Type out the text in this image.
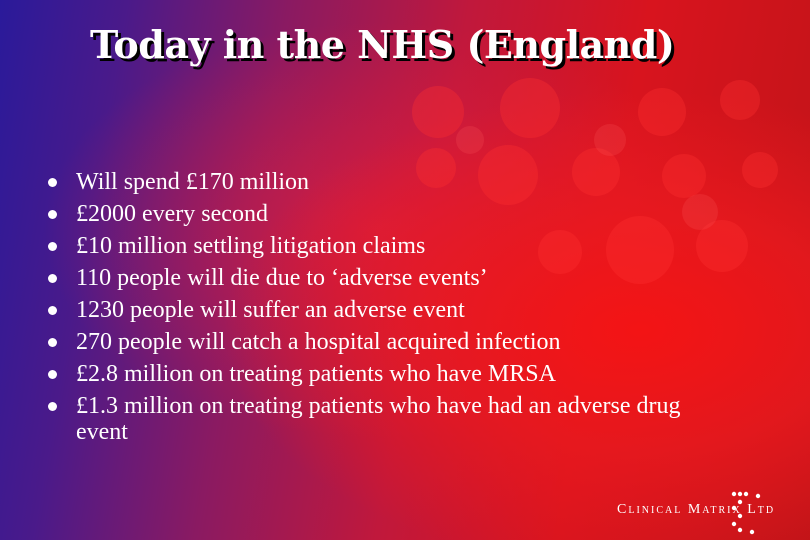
Today in the NHS (England)
Will spend £170 million
£2000 every second
£10 million settling litigation claims
110 people will die due to ‘adverse events’
1230 people will suffer an adverse event
270 people will catch a hospital acquired infection
£2.8 million on treating patients who have MRSA
£1.3 million on treating patients who have had an adverse drug event
Clinical Matrix Ltd
